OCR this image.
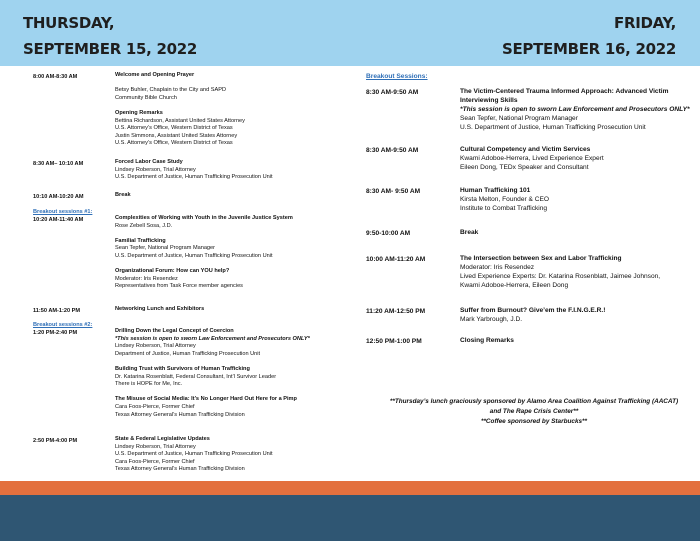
THURSDAY,
SEPTEMBER 15, 2022
FRIDAY,
SEPTEMBER 16, 2022
8:00 AM-8:30 AM	Welcome and Opening Prayer

Betsy Buhler, Chaplain to the City and SAPD
Community Bible Church

Opening Remarks
Bettina Richardson, Assistant United States Attorney
U.S. Attorney’s Office, Western District of Texas
Justin Simmons, Assistant United States Attorney
U.S. Attorney’s Office, Western District of Texas
8:30 AM– 10:10 AM	Forced Labor Case Study
Lindsey Roberson, Trial Attorney
U.S. Department of Justice, Human Trafficking Prosecution Unit
10:10 AM-10:20 AM	Break
Breakout sessions #1:
10:20 AM-11:40 AM	Complexities of Working with Youth in the Juvenile Justice System
Rose Zebell Sosa, J.D.

Familial Trafficking
Sean Tepfer, National Program Manager
U.S. Department of Justice, Human Trafficking Prosecution Unit

Organizational Forum: How can YOU help?
Moderator: Iris Resendez
Representatives from Task Force member agencies
11:50 AM-1:20 PM	Networking Lunch and Exhibitors
Breakout sessions #2:
1:20 PM-2:40 PM	Drilling Down the Legal Concept of Coercion
*This session is open to sworn Law Enforcement and Prosecutors ONLY*
Lindsey Roberson, Trial Attorney
Department of Justice, Human Trafficking Prosecution Unit

Building Trust with Survivors of Human Trafficking
Dr. Katarina Rosenblatt, Federal Consultant, Int’l Survivor Leader
There is HOPE for Me, Inc.

The Misuse of Social Media: It’s No Longer Hard Out Here for a Pimp
Cara Foos-Pierce, Former Chief
Texas Attorney General’s Human Trafficking Division
2:50 PM-4:00 PM	State & Federal Legislative Updates
Lindsey Roberson, Trial Attorney
U.S. Department of Justice, Human Trafficking Prosecution Unit
Cara Foos-Pierce, Former Chief
Texas Attorney General’s Human Trafficking Division
Breakout Sessions:
8:30 AM-9:50 AM	The Victim-Centered Trauma Informed Approach: Advanced Victim
Interviewing Skills
*This session is open to sworn Law Enforcement and Prosecutors ONLY*
Sean Tepfer, National Program Manager
U.S. Department of Justice, Human Trafficking Prosecution Unit
8:30 AM-9:50 AM	Cultural Competency and Victim Services
Kwami Adoboe-Herrera, Lived Experience Expert
Eileen Dong, TEDx Speaker and Consultant
8:30 AM- 9:50 AM	Human Trafficking 101
Kirsta Melton, Founder & CEO
Institute to Combat Trafficking
9:50-10:00 AM	Break
10:00 AM-11:20 AM	The Intersection between Sex and Labor Trafficking
Moderator: Iris Resendez
Lived Experience Experts: Dr. Katarina Rosenblatt, Jaimee Johnson,
Kwami Adoboe-Herrera, Eileen Dong
11:20 AM-12:50 PM	Suffer from Burnout? Give’em the F.I.N.G.E.R.!
Mark Yarbrough, J.D.
12:50 PM-1:00 PM	Closing Remarks
**Thursday’s lunch graciously sponsored by Alamo Area Coalition Against Trafficking (AACAT)
and The Rape Crisis Center**
**Coffee sponsored by Starbucks**
